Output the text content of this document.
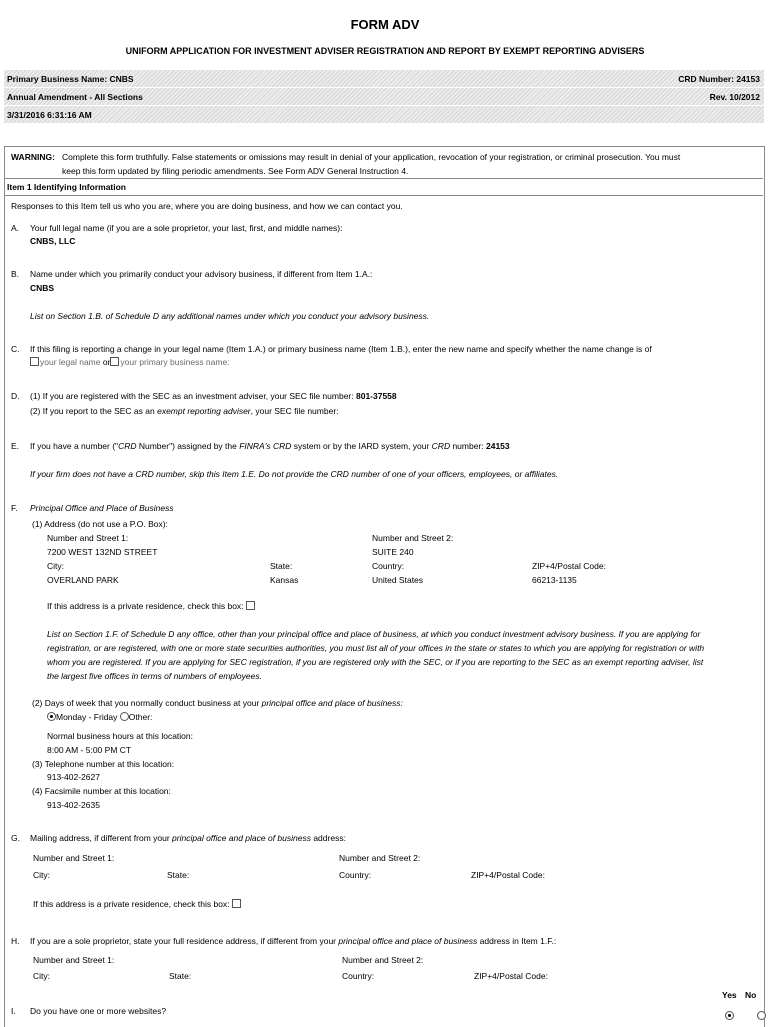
FORM ADV
UNIFORM APPLICATION FOR INVESTMENT ADVISER REGISTRATION AND REPORT BY EXEMPT REPORTING ADVISERS
Primary Business Name: CNBS	CRD Number: 24153
Annual Amendment - All Sections	Rev. 10/2012
3/31/2016 6:31:16 AM
WARNING: Complete this form truthfully. False statements or omissions may result in denial of your application, revocation of your registration, or criminal prosecution. You must
keep this form updated by filing periodic amendments. See Form ADV General Instruction 4.
Item 1 Identifying Information
Responses to this Item tell us who you are, where you are doing business, and how we can contact you.
A. Your full legal name (if you are a sole proprietor, your last, first, and middle names):
CNBS, LLC
B. Name under which you primarily conduct your advisory business, if different from Item 1.A.:
CNBS
List on Section 1.B. of Schedule D any additional names under which you conduct your advisory business.
C. If this filing is reporting a change in your legal name (Item 1.A.) or primary business name (Item 1.B.), enter the new name and specify whether the name change is of
your legal name or your primary business name:
D. (1) If you are registered with the SEC as an investment adviser, your SEC file number: 801-37558
(2) If you report to the SEC as an exempt reporting adviser, your SEC file number:
E. If you have a number ("CRD Number") assigned by the FINRA's CRD system or by the IARD system, your CRD number: 24153
If your firm does not have a CRD number, skip this Item 1.E. Do not provide the CRD number of one of your officers, employees, or affiliates.
F. Principal Office and Place of Business
(1) Address (do not use a P.O. Box):
Number and Street 1:	Number and Street 2:
7200 WEST 132ND STREET	SUITE 240
City:	State:	Country:	ZIP+4/Postal Code:
OVERLAND PARK	Kansas	United States	66213-1135
If this address is a private residence, check this box:
List on Section 1.F. of Schedule D any office, other than your principal office and place of business, at which you conduct investment advisory business. If you are applying for
registration, or are registered, with one or more state securities authorities, you must list all of your offices in the state or states to which you are applying for registration or with
whom you are registered. If you are applying for SEC registration, if you are registered only with the SEC, or if you are reporting to the SEC as an exempt reporting adviser, list
the largest five offices in terms of numbers of employees.
(2) Days of week that you normally conduct business at your principal office and place of business:
Monday - Friday Other:
Normal business hours at this location:
8:00 AM - 5:00 PM CT
(3) Telephone number at this location:
913-402-2627
(4) Facsimile number at this location:
913-402-2635
G. Mailing address, if different from your principal office and place of business address:
Number and Street 1:	Number and Street 2:
City:	State:	Country:	ZIP+4/Postal Code:
If this address is a private residence, check this box:
H. If you are a sole proprietor, state your full residence address, if different from your principal office and place of business address in Item 1.F.:
Number and Street 1:	Number and Street 2:
City:	State:	Country:	ZIP+4/Postal Code:
Yes No
I. Do you have one or more websites?
